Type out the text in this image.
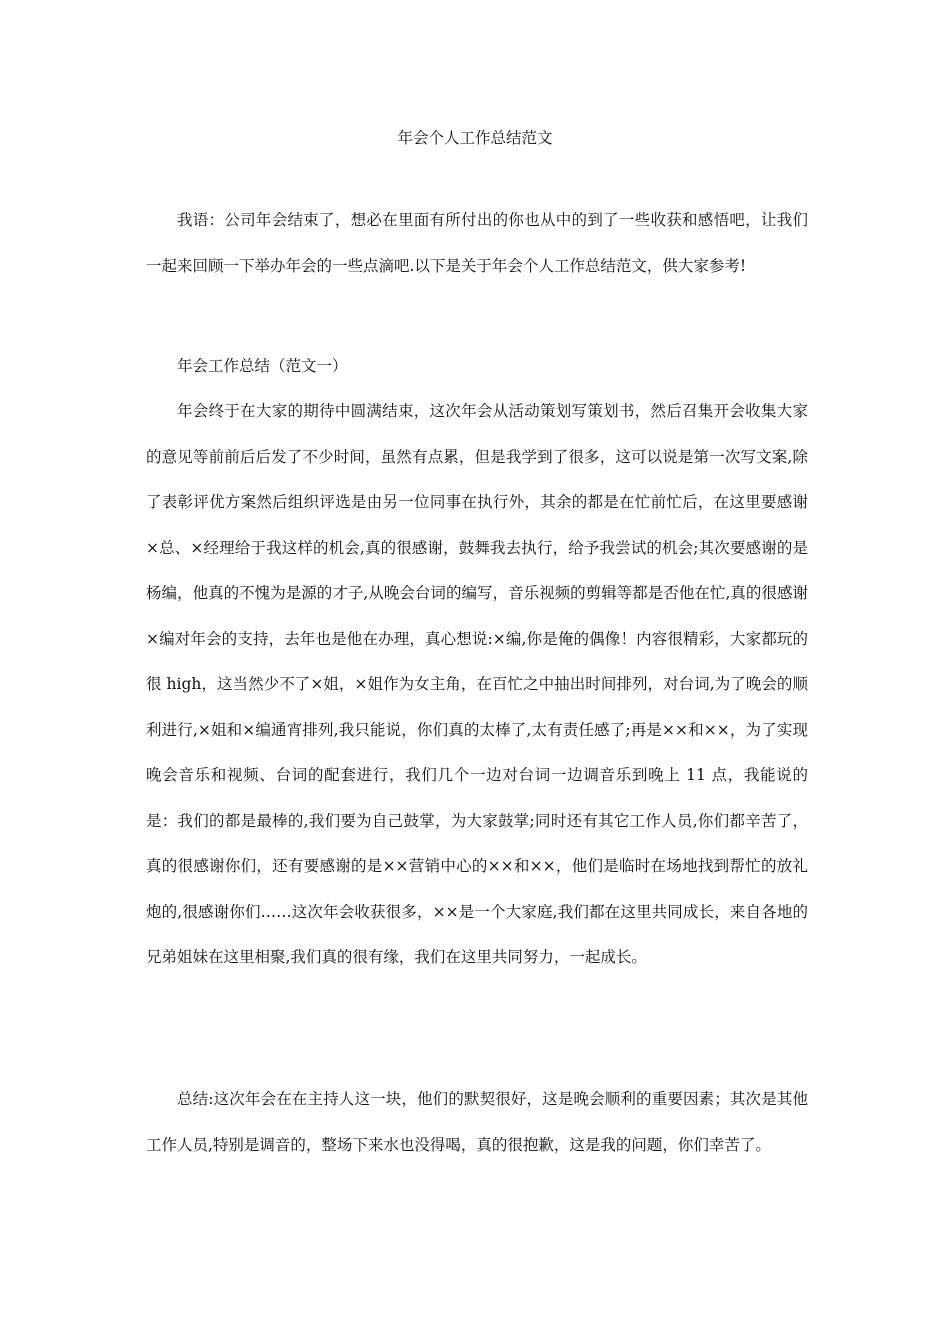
年会个人工作总结范文

我语：公司年会结束了，想必在里面有所付出的你也从中的到了一些收获和感悟吧，让我们一起来回顾一下举办年会的一些点滴吧.以下是关于年会个人工作总结范文，供大家参考!

年会工作总结（范文一）

年会终于在大家的期待中圆满结束，这次年会从活动策划写策划书，然后召集开会收集大家的意见等前前后后发了不少时间，虽然有点累，但是我学到了很多，这可以说是第一次写文案,除了表彰评优方案然后组织评选是由另一位同事在执行外，其余的都是在忙前忙后，在这里要感谢×总、×经理给于我这样的机会,真的很感谢，鼓舞我去执行，给予我尝试的机会;其次要感谢的是杨编，他真的不愧为是源的才子,从晚会台词的编写，音乐视频的剪辑等都是否他在忙,真的很感谢×编对年会的支持，去年也是他在办理，真心想说:×编,你是俺的偶像！内容很精彩，大家都玩的很 high，这当然少不了×姐，×姐作为女主角，在百忙之中抽出时间排列，对台词,为了晚会的顺利进行,×姐和×编通宵排列,我只能说，你们真的太棒了,太有责任感了;再是××和××，为了实现晚会音乐和视频、台词的配套进行，我们几个一边对台词一边调音乐到晚上 11 点，我能说的是：我们的都是最棒的,我们要为自己鼓掌，为大家鼓掌;同时还有其它工作人员,你们都辛苦了，真的很感谢你们，还有要感谢的是××营销中心的××和××，他们是临时在场地找到帮忙的放礼炮的,很感谢你们……这次年会收获很多，××是一个大家庭,我们都在这里共同成长，来自各地的兄弟姐妹在这里相聚,我们真的很有缘，我们在这里共同努力，一起成长。

总结:这次年会在在主持人这一块，他们的默契很好，这是晚会顺利的重要因素；其次是其他工作人员,特别是调音的，整场下来水也没得喝，真的很抱歉，这是我的问题，你们幸苦了。
